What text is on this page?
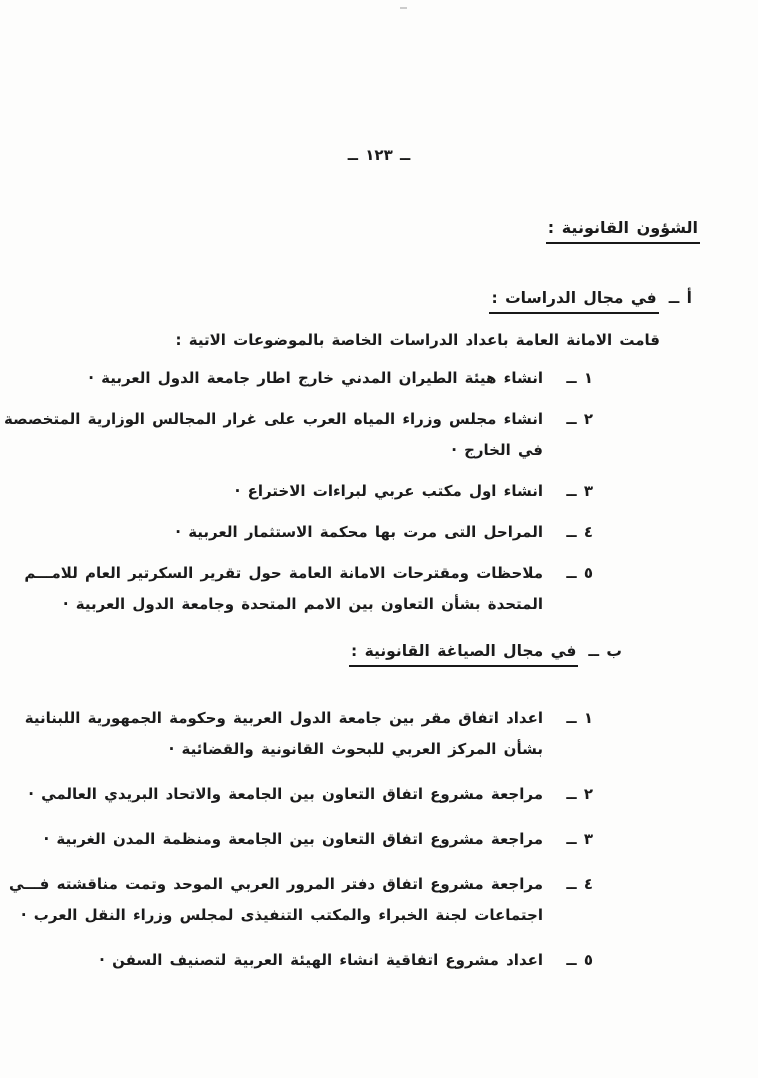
ــ ١٢٣ ــ
الشؤون القانونية :
أ ــ
في مجال الدراسات :

قامت الامانة العامة باعداد الدراسات الخاصة بالموضوعات الاتية :

١ ــ
انشاء هيئة الطيران المدني خارج اطار جامعة الدول العربية ·
٢ ــ
انشاء مجلس وزراء المياه العرب على غرار المجالس الوزارية المتخصصة
في الخارج ·
٣ ــ
انشاء اول مكتب عربي لبراءات الاختراع ·
٤ ــ
المراحل التى مرت بها محكمة الاستثمار العربية ·
٥ ــ
ملاحظات ومقترحات الامانة العامة حول تقرير السكرتير العام للامـــم
المتحدة بشأن التعاون بين الامم المتحدة وجامعة الدول العربية ·
ب ــ
في مجال الصياغة القانونية :
١ ــ
اعداد اتفاق مقر بين جامعة الدول العربية وحكومة الجمهورية اللبنانية
بشأن المركز العربي للبحوث القانونية والقضائية ·
٢ ــ
مراجعة مشروع اتفاق التعاون بين الجامعة والاتحاد البريدي العالمي ·
٣ ــ
مراجعة مشروع اتفاق التعاون بين الجامعة ومنظمة المدن الغربية ·
٤ ــ
مراجعة مشروع اتفاق دفتر المرور العربي الموحد وتمت مناقشته فـــي
اجتماعات لجنة الخبراء والمكتب التنفيذى لمجلس وزراء النقل العرب ·
٥ ــ
اعداد مشروع اتفاقية انشاء الهيئة العربية لتصنيف السفن ·
